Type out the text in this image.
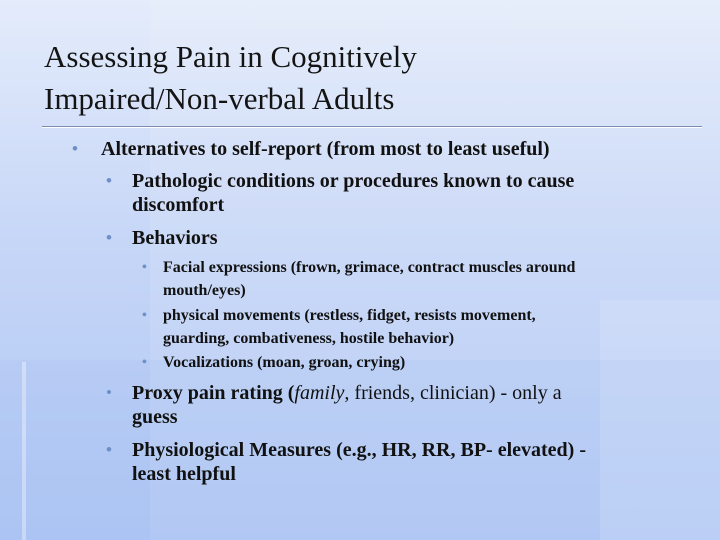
Assessing Pain in Cognitively
Impaired/Non-verbal Adults
• Alternatives to self-report (from most to least useful)
• Pathologic conditions or procedures known to cause
discomfort
• Behaviors
• Facial expressions (frown, grimace, contract muscles around
mouth/eyes)
• physical movements (restless, fidget, resists movement,
guarding, combativeness, hostile behavior)
• Vocalizations (moan, groan, crying)
• Proxy pain rating (family, friends, clinician) - only a
guess
• Physiological Measures (e.g., HR, RR, BP- elevated) -
least helpful
